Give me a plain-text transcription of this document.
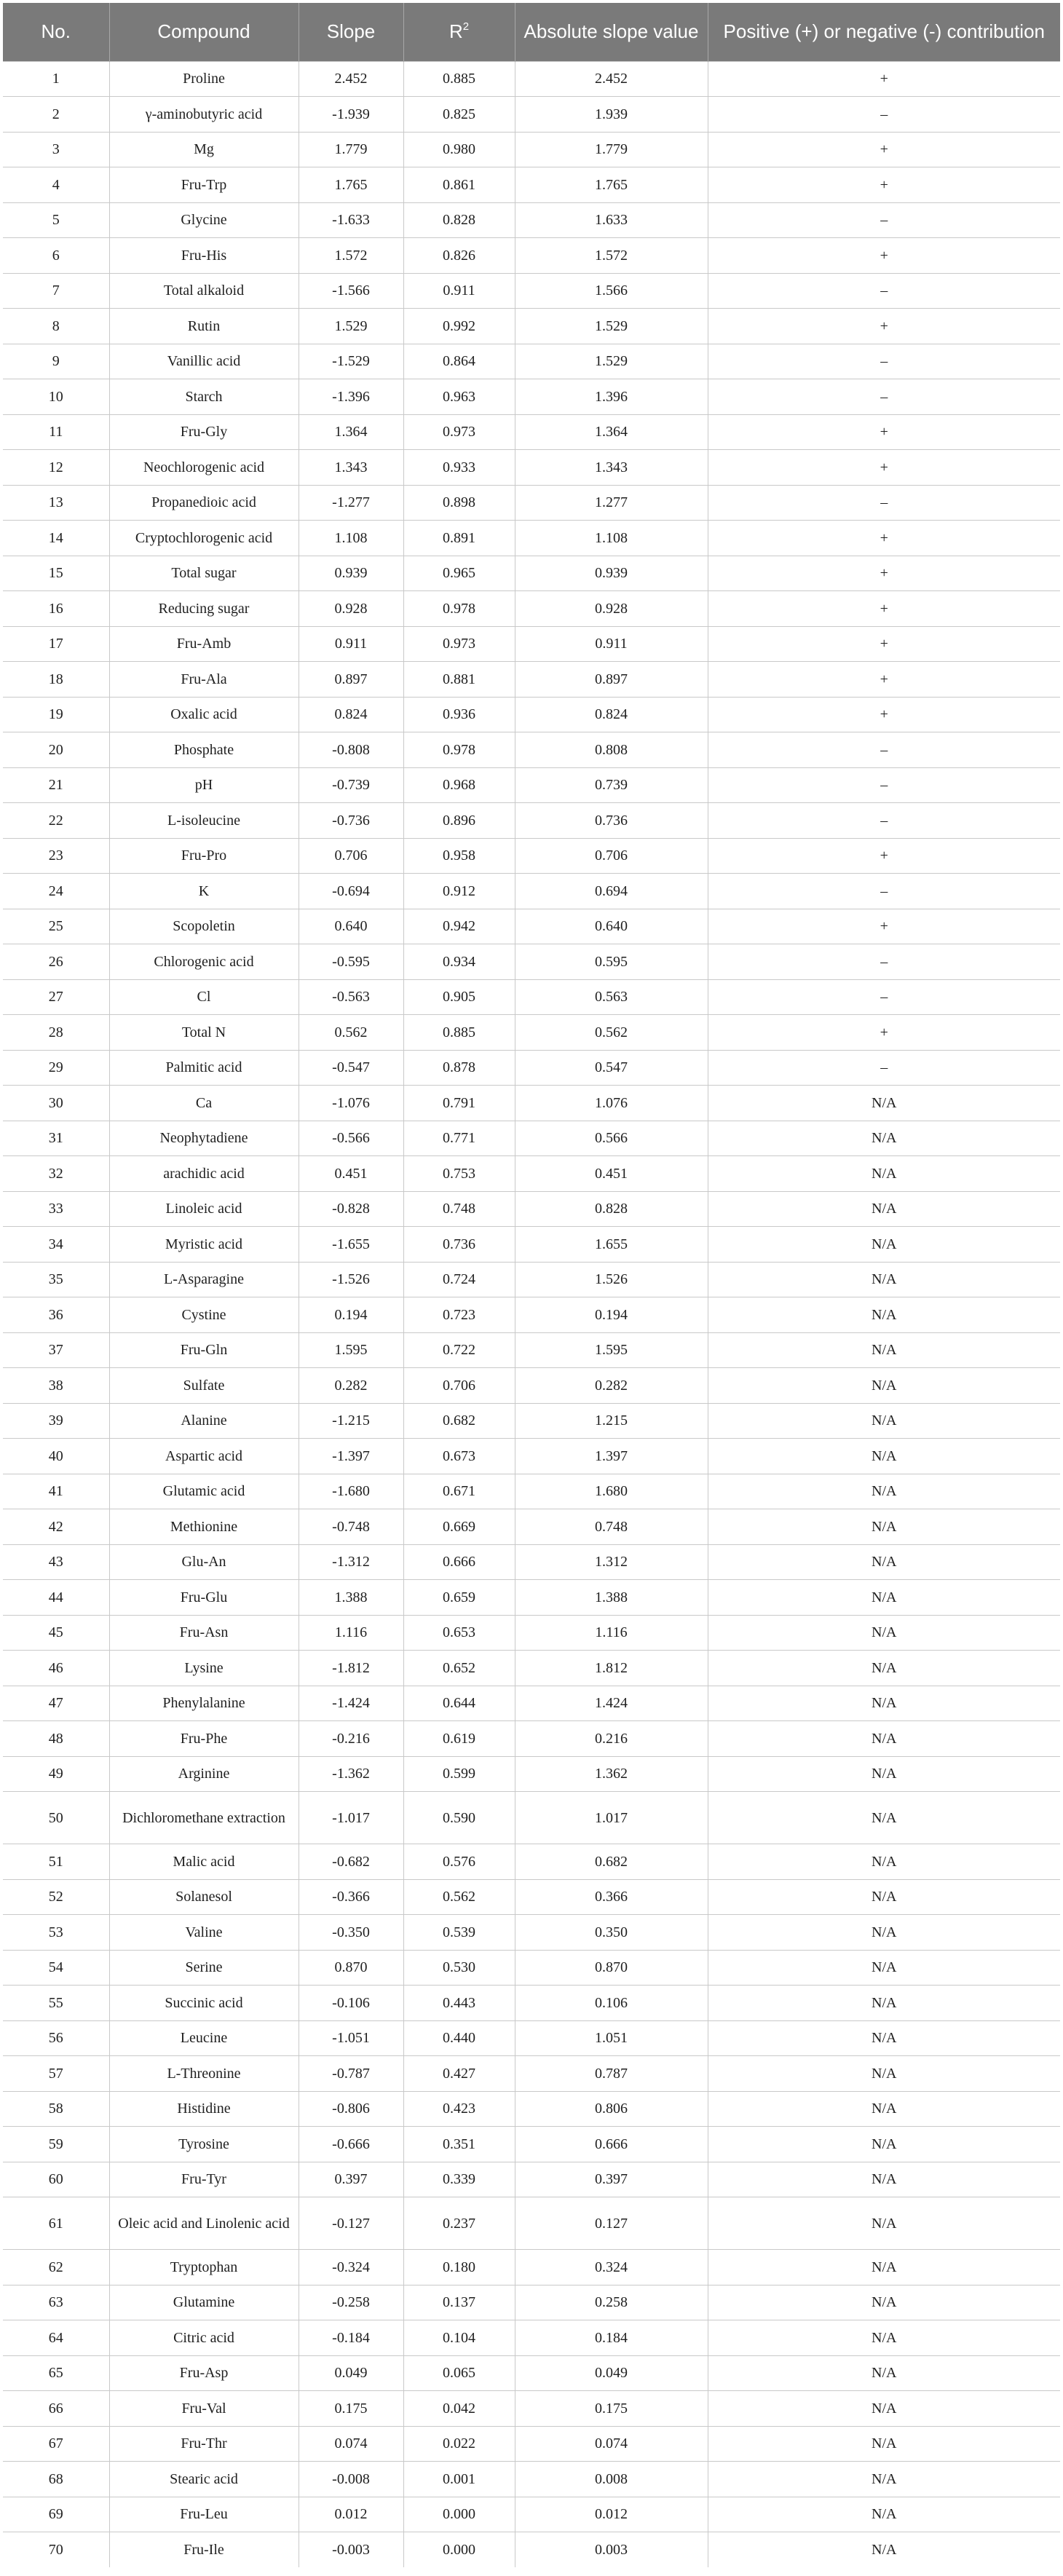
No.	Compound	Slope	$R^2$	Absolute slope value	Positive (+) or negative (-) contribution
1	Proline	2.452	0.885	2.452	+
2	γ-aminobutyric acid	-1.939	0.825	1.939	–
3	Mg	1.779	0.980	1.779	+
4	Fru-Trp	1.765	0.861	1.765	+
5	Glycine	-1.633	0.828	1.633	–
6	Fru-His	1.572	0.826	1.572	+
7	Total alkaloid	-1.566	0.911	1.566	–
8	Rutin	1.529	0.992	1.529	+
9	Vanillic acid	-1.529	0.864	1.529	–
10	Starch	-1.396	0.963	1.396	–
11	Fru-Gly	1.364	0.973	1.364	+
12	Neochlorogenic acid	1.343	0.933	1.343	+
13	Propanedioic acid	-1.277	0.898	1.277	–
14	Cryptochlorogenic acid	1.108	0.891	1.108	+
15	Total sugar	0.939	0.965	0.939	+
16	Reducing sugar	0.928	0.978	0.928	+
17	Fru-Amb	0.911	0.973	0.911	+
18	Fru-Ala	0.897	0.881	0.897	+
19	Oxalic acid	0.824	0.936	0.824	+
20	Phosphate	-0.808	0.978	0.808	–
21	pH	-0.739	0.968	0.739	–
22	L-isoleucine	-0.736	0.896	0.736	–
23	Fru-Pro	0.706	0.958	0.706	+
24	K	-0.694	0.912	0.694	–
25	Scopoletin	0.640	0.942	0.640	+
26	Chlorogenic acid	-0.595	0.934	0.595	–
27	Cl	-0.563	0.905	0.563	–
28	Total N	0.562	0.885	0.562	+
29	Palmitic acid	-0.547	0.878	0.547	–
30	Ca	-1.076	0.791	1.076	N/A
31	Neophytadiene	-0.566	0.771	0.566	N/A
32	arachidic acid	0.451	0.753	0.451	N/A
33	Linoleic acid	-0.828	0.748	0.828	N/A
34	Myristic acid	-1.655	0.736	1.655	N/A
35	L-Asparagine	-1.526	0.724	1.526	N/A
36	Cystine	0.194	0.723	0.194	N/A
37	Fru-Gln	1.595	0.722	1.595	N/A
38	Sulfate	0.282	0.706	0.282	N/A
39	Alanine	-1.215	0.682	1.215	N/A
40	Aspartic acid	-1.397	0.673	1.397	N/A
41	Glutamic acid	-1.680	0.671	1.680	N/A
42	Methionine	-0.748	0.669	0.748	N/A
43	Glu-An	-1.312	0.666	1.312	N/A
44	Fru-Glu	1.388	0.659	1.388	N/A
45	Fru-Asn	1.116	0.653	1.116	N/A
46	Lysine	-1.812	0.652	1.812	N/A
47	Phenylalanine	-1.424	0.644	1.424	N/A
48	Fru-Phe	-0.216	0.619	0.216	N/A
49	Arginine	-1.362	0.599	1.362	N/A
50	Dichloromethane extraction	-1.017	0.590	1.017	N/A
51	Malic acid	-0.682	0.576	0.682	N/A
52	Solanesol	-0.366	0.562	0.366	N/A
53	Valine	-0.350	0.539	0.350	N/A
54	Serine	0.870	0.530	0.870	N/A
55	Succinic acid	-0.106	0.443	0.106	N/A
56	Leucine	-1.051	0.440	1.051	N/A
57	L-Threonine	-0.787	0.427	0.787	N/A
58	Histidine	-0.806	0.423	0.806	N/A
59	Tyrosine	-0.666	0.351	0.666	N/A
60	Fru-Tyr	0.397	0.339	0.397	N/A
61	Oleic acid and Linolenic acid	-0.127	0.237	0.127	N/A
62	Tryptophan	-0.324	0.180	0.324	N/A
63	Glutamine	-0.258	0.137	0.258	N/A
64	Citric acid	-0.184	0.104	0.184	N/A
65	Fru-Asp	0.049	0.065	0.049	N/A
66	Fru-Val	0.175	0.042	0.175	N/A
67	Fru-Thr	0.074	0.022	0.074	N/A
68	Stearic acid	-0.008	0.001	0.008	N/A
69	Fru-Leu	0.012	0.000	0.012	N/A
70	Fru-Ile	-0.003	0.000	0.003	N/A
